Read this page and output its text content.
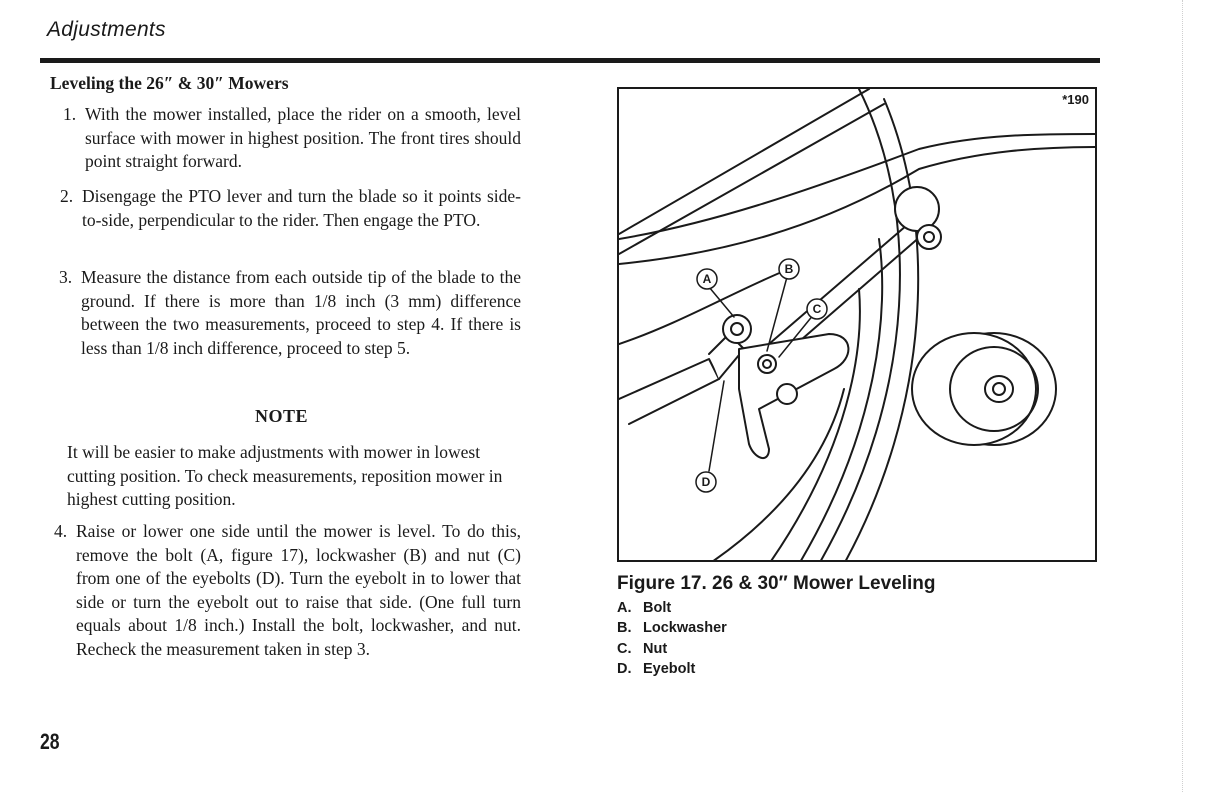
Adjustments
Leveling the 26″ & 30″ Mowers
1. With the mower installed, place the rider on a smooth, level surface with mower in highest position. The front tires should point straight forward.
2. Disengage the PTO lever and turn the blade so it points side-to-side, perpendicular to the rider. Then engage the PTO.
3. Measure the distance from each outside tip of the blade to the ground. If there is more than 1/8 inch (3 mm) difference between the two measurements, proceed to step 4. If there is less than 1/8 inch difference, proceed to step 5.
NOTE
It will be easier to make adjustments with mower in lowest cutting position. To check measurements, reposition mower in highest cutting position.
4. Raise or lower one side until the mower is level. To do this, remove the bolt (A, figure 17), lockwasher (B) and nut (C) from one of the eyebolts (D). Turn the eyebolt in to lower that side or turn the eyebolt out to raise that side. (One full turn equals about 1/8 inch.) Install the bolt, lockwasher, and nut. Recheck the measurement taken in step 3.
A
B
C
D
*190
Figure 17. 26 & 30″ Mower Leveling
A. Bolt
B. Lockwasher
C. Nut
D. Eyebolt
28
